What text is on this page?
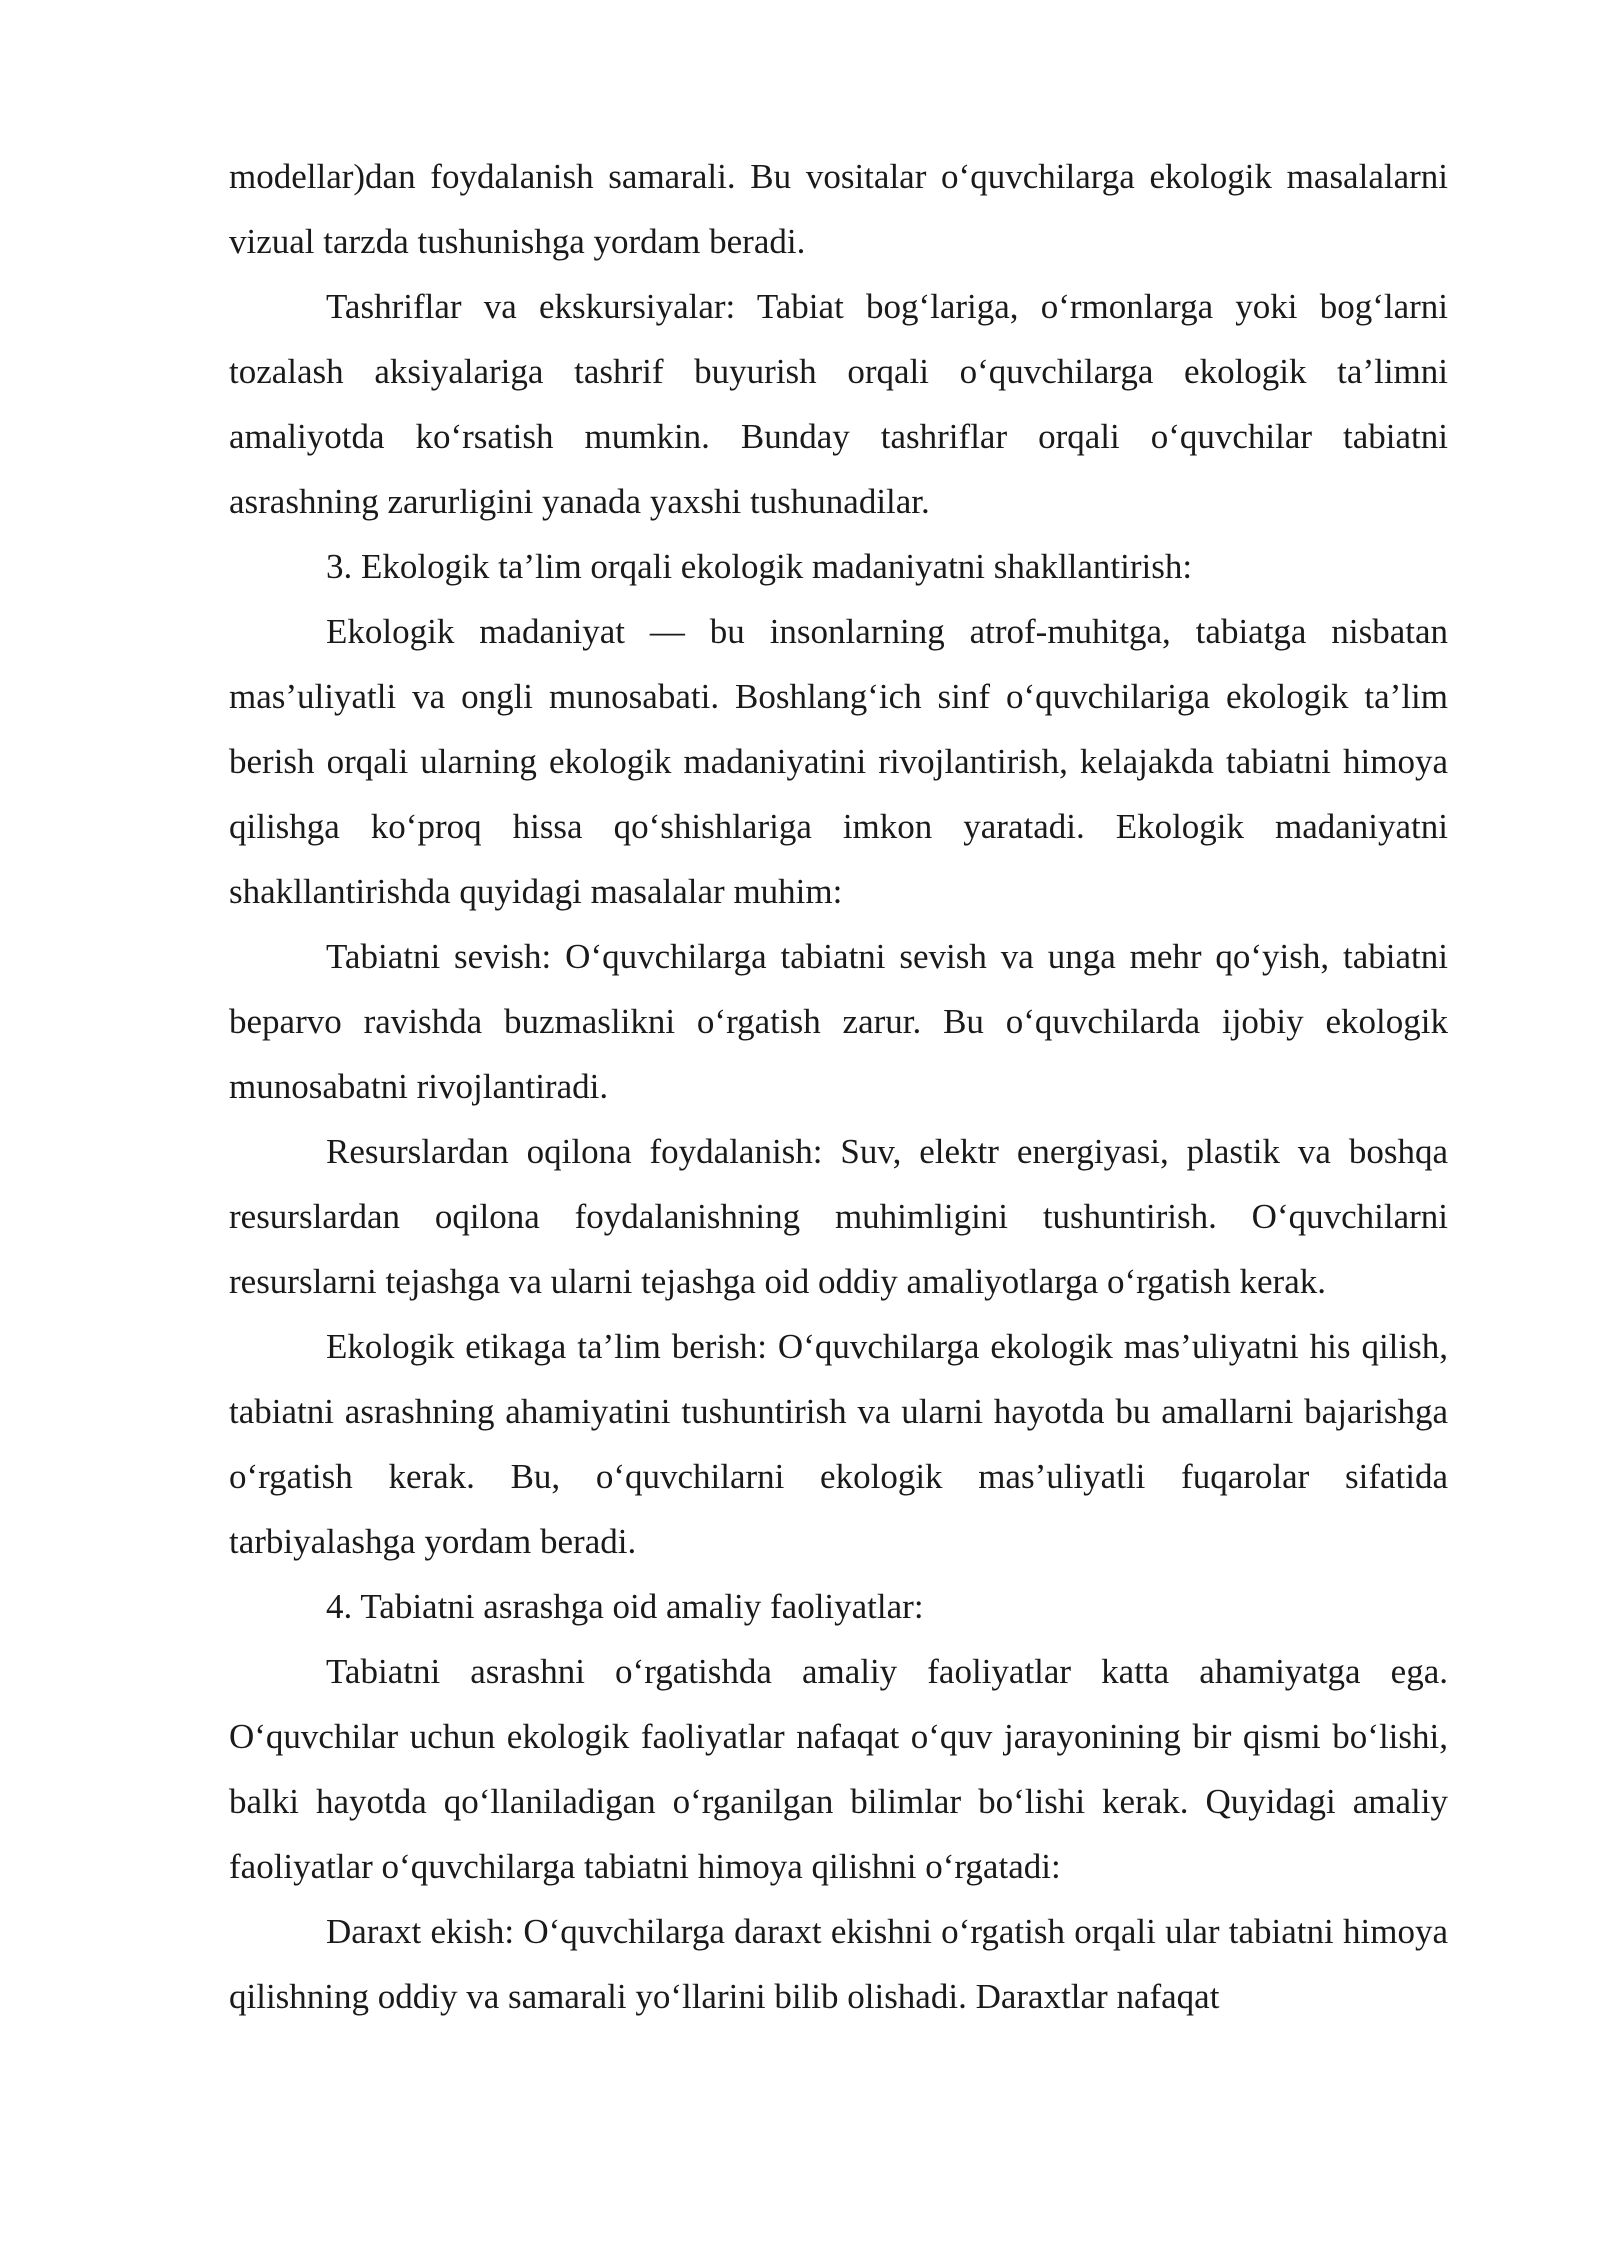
modellar)dan foydalanish samarali. Bu vositalar o‘quvchilarga ekologik masalalarni vizual tarzda tushunishga yordam beradi.

Tashriflar va ekskursiyalar: Tabiat bog‘lariga, o‘rmonlarga yoki bog‘larni tozalash aksiyalariga tashrif buyurish orqali o‘quvchilarga ekologik ta’limni amaliyotda ko‘rsatish mumkin. Bunday tashriflar orqali o‘quvchilar tabiatni asrashning zarurligini yanada yaxshi tushunadilar.

3. Ekologik ta’lim orqali ekologik madaniyatni shakllantirish:

Ekologik madaniyat — bu insonlarning atrof-muhitga, tabiatga nisbatan mas’uliyatli va ongli munosabati. Boshlang‘ich sinf o‘quvchilariga ekologik ta’lim berish orqali ularning ekologik madaniyatini rivojlantirish, kelajakda tabiatni himoya qilishga ko‘proq hissa qo‘shishlariga imkon yaratadi. Ekologik madaniyatni shakllantirishda quyidagi masalalar muhim:

Tabiatni sevish: O‘quvchilarga tabiatni sevish va unga mehr qo‘yish, tabiatni beparvo ravishda buzmaslikni o‘rgatish zarur. Bu o‘quvchilarda ijobiy ekologik munosabatni rivojlantiradi.

Resurslardan oqilona foydalanish: Suv, elektr energiyasi, plastik va boshqa resurslardan oqilona foydalanishning muhimligini tushuntirish. O‘quvchilarni resurslarni tejashga va ularni tejashga oid oddiy amaliyotlarga o‘rgatish kerak.

Ekologik etikaga ta’lim berish: O‘quvchilarga ekologik mas’uliyatni his qilish, tabiatni asrashning ahamiyatini tushuntirish va ularni hayotda bu amallarni bajarishga o‘rgatish kerak. Bu, o‘quvchilarni ekologik mas’uliyatli fuqarolar sifatida tarbiyalashga yordam beradi.

4. Tabiatni asrashga oid amaliy faoliyatlar:

Tabiatni asrashni o‘rgatishda amaliy faoliyatlar katta ahamiyatga ega. O‘quvchilar uchun ekologik faoliyatlar nafaqat o‘quv jarayonining bir qismi bo‘lishi, balki hayotda qo‘llaniladigan o‘rganilgan bilimlar bo‘lishi kerak. Quyidagi amaliy faoliyatlar o‘quvchilarga tabiatni himoya qilishni o‘rgatadi:

Daraxt ekish: O‘quvchilarga daraxt ekishni o‘rgatish orqali ular tabiatni himoya qilishning oddiy va samarali yo‘llarini bilib olishadi. Daraxtlar nafaqat
